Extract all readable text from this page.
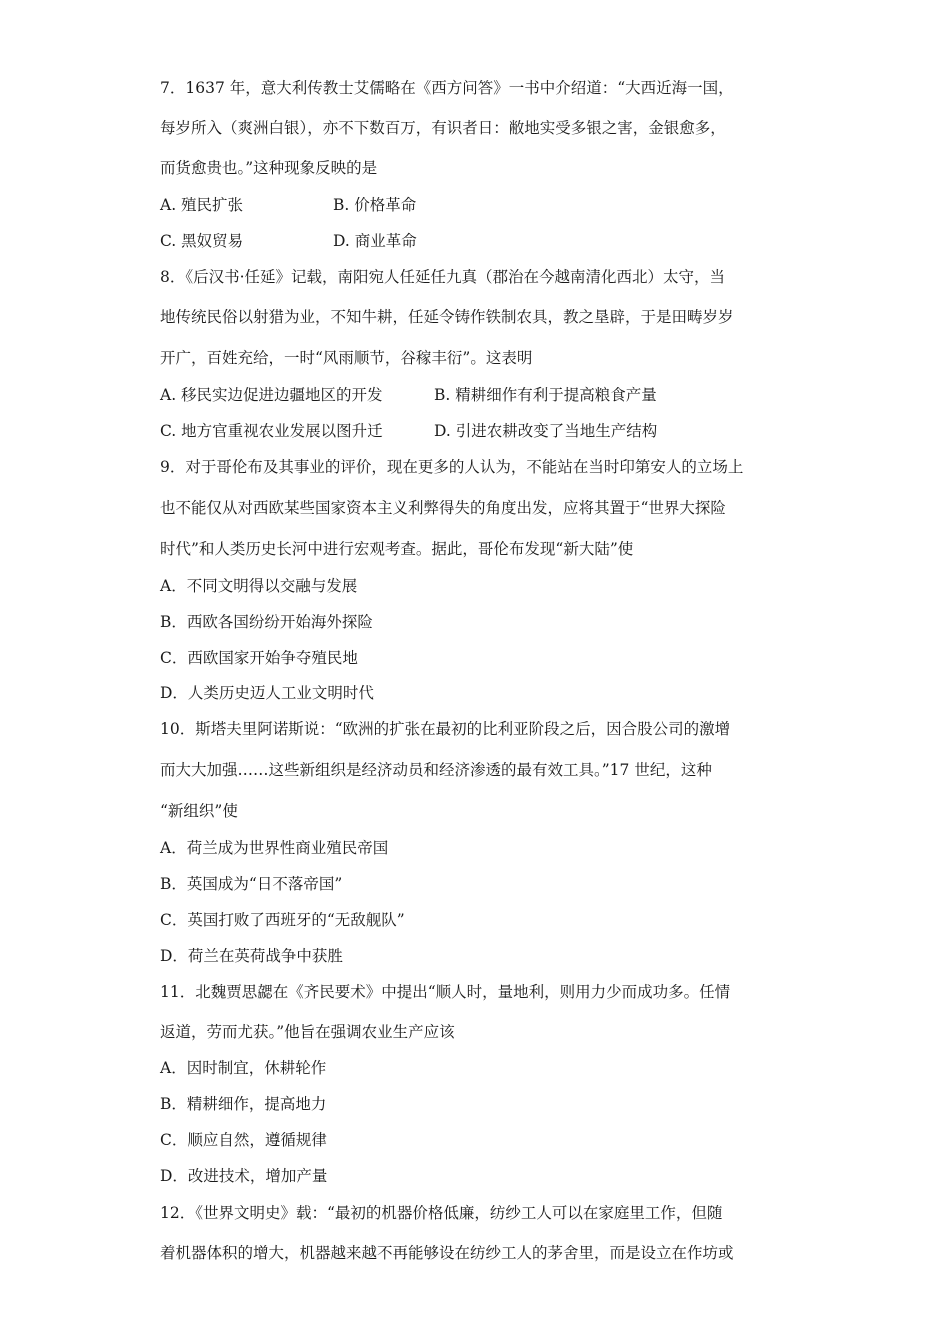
7．1637 年，意大利传教士艾儒略在《西方问答》一书中介绍道：“大西近海一国，
每岁所入（爽洲白银），亦不下数百万，有识者日：敝地实受多银之害，金银愈多，
而货愈贵也。”这种现象反映的是
A. 殖民扩张	B. 价格革命
C. 黑奴贸易	D. 商业革命
8．《后汉书·任延》记载，南阳宛人任延任九真（郡治在今越南清化西北）太守，当
地传统民俗以射猎为业，不知牛耕，任延令铸作铁制农具，教之垦辟，于是田畴岁岁
开广，百姓充给，一时“风雨顺节，谷稼丰衍”。这表明
A. 移民实边促进边疆地区的开发	B. 精耕细作有利于提高粮食产量
C. 地方官重视农业发展以图升迁	D. 引进农耕改变了当地生产结构
9．对于哥伦布及其事业的评价，现在更多的人认为，不能站在当时印第安人的立场上
也不能仅从对西欧某些国家资本主义利弊得失的角度出发，应将其置于“世界大探险
时代”和人类历史长河中进行宏观考查。据此，哥伦布发现“新大陆”使
A．不同文明得以交融与发展
B．西欧各国纷纷开始海外探险
C．西欧国家开始争夺殖民地
D．人类历史迈人工业文明时代
10．斯塔夫里阿诺斯说：“欧洲的扩张在最初的比利亚阶段之后，因合股公司的激增
而大大加强……这些新组织是经济动员和经济渗透的最有效工具。”17 世纪，这种
“新组织”使
A．荷兰成为世界性商业殖民帝国
B．英国成为“日不落帝国”
C．英国打败了西班牙的“无敌舰队”
D．荷兰在英荷战争中获胜
11．北魏贾思勰在《齐民要术》中提出“顺人时，量地利，则用力少而成功多。任情
返道，劳而尤获。”他旨在强调农业生产应该
A．因时制宜，休耕轮作
B．精耕细作，提高地力
C．顺应自然，遵循规律
D．改进技术，增加产量
12．《世界文明史》载：“最初的机器价格低廉，纺纱工人可以在家庭里工作，但随
着机器体积的增大，机器越来越不再能够设在纺纱工人的茅舍里，而是设立在作坊或
